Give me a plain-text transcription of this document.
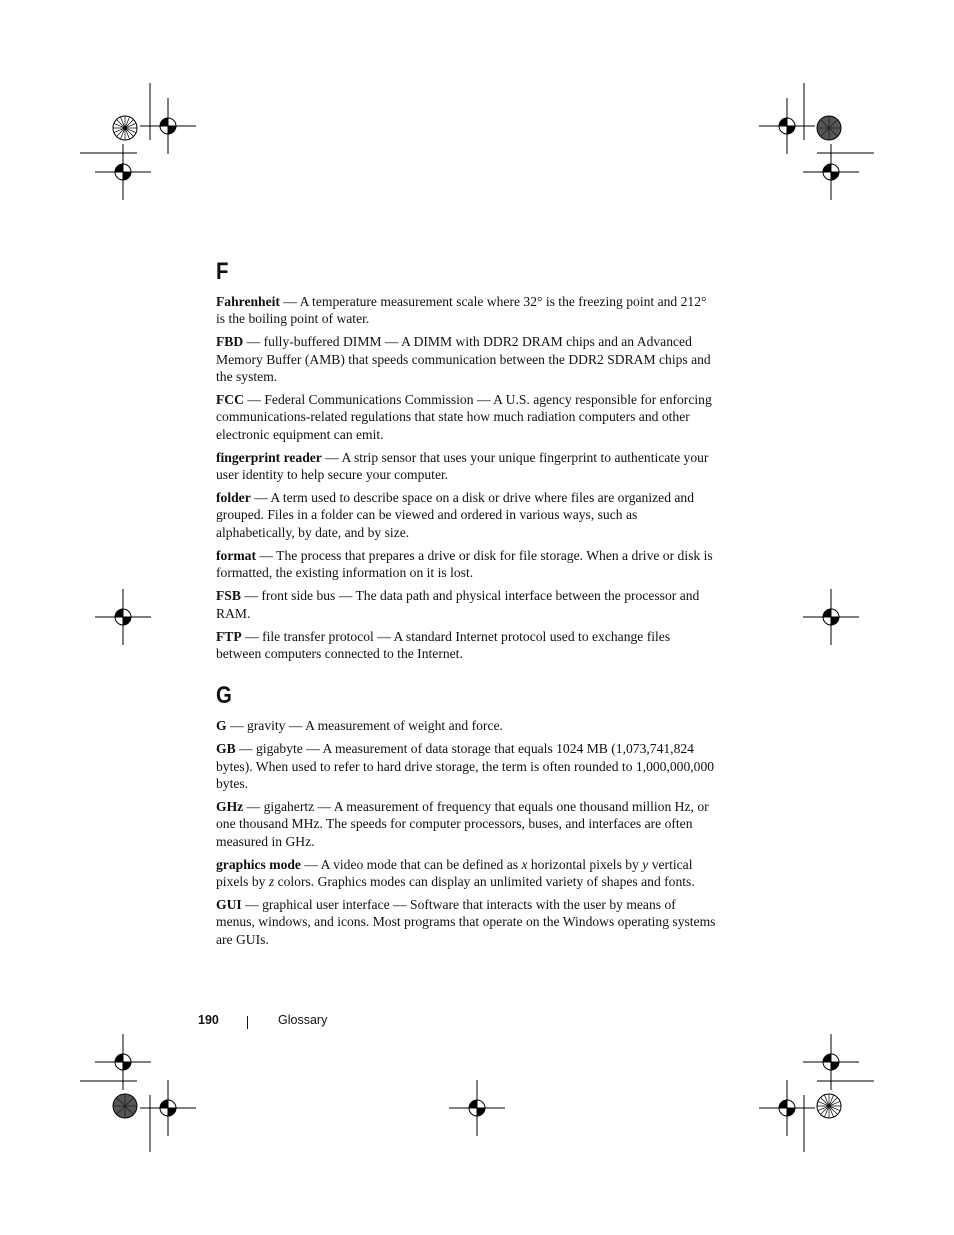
F

Fahrenheit — A temperature measurement scale where 32° is the freezing point and 212° is the boiling point of water.

FBD — fully-buffered DIMM — A DIMM with DDR2 DRAM chips and an Advanced Memory Buffer (AMB) that speeds communication between the DDR2 SDRAM chips and the system.

FCC — Federal Communications Commission — A U.S. agency responsible for enforcing communications-related regulations that state how much radiation computers and other electronic equipment can emit.

fingerprint reader — A strip sensor that uses your unique fingerprint to authenticate your user identity to help secure your computer.

folder — A term used to describe space on a disk or drive where files are organized and grouped. Files in a folder can be viewed and ordered in various ways, such as alphabetically, by date, and by size.

format — The process that prepares a drive or disk for file storage. When a drive or disk is formatted, the existing information on it is lost.

FSB — front side bus — The data path and physical interface between the processor and RAM.

FTP — file transfer protocol — A standard Internet protocol used to exchange files between computers connected to the Internet.

G

G — gravity — A measurement of weight and force.

GB — gigabyte — A measurement of data storage that equals 1024 MB (1,073,741,824 bytes). When used to refer to hard drive storage, the term is often rounded to 1,000,000,000 bytes.

GHz — gigahertz — A measurement of frequency that equals one thousand million Hz, or one thousand MHz. The speeds for computer processors, buses, and interfaces are often measured in GHz.

graphics mode — A video mode that can be defined as x horizontal pixels by y vertical pixels by z colors. Graphics modes can display an unlimited variety of shapes and fonts.

GUI — graphical user interface — Software that interacts with the user by means of menus, windows, and icons. Most programs that operate on the Windows operating systems are GUIs.

190	Glossary
